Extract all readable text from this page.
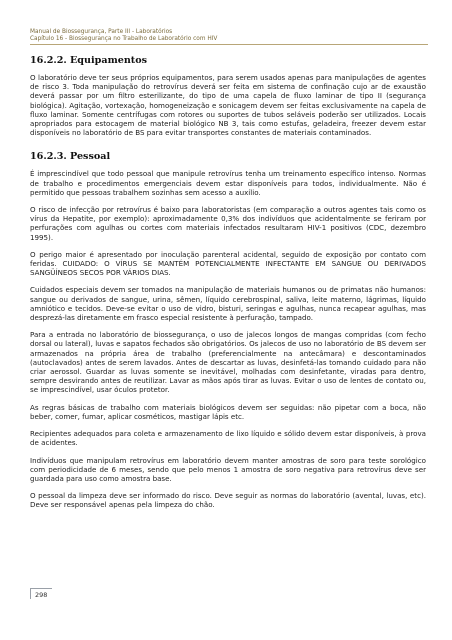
Manual de Biossegurança, Parte III - Laboratórios
Capítulo 16 - Biossegurança no Trabalho de Laboratório com HIV
16.2.2. Equipamentos

O laboratório deve ter seus próprios equipamentos, para serem usados apenas para manipulações de agentes de risco 3. Toda manipulação do retrovírus deverá ser feita em sistema de confinação cujo ar de exaustão deverá passar por um filtro esterilizante, do tipo de uma capela de fluxo laminar de tipo II (segurança biológica). Agitação, vortexação, homogeneização e sonicagem devem ser feitas exclusivamente na capela de fluxo laminar. Somente centrífugas com rotores ou suportes de tubos seláveis poderão ser utilizados. Locais apropriados para estocagem de material biológico NB 3, tais como estufas, geladeira, freezer devem estar disponíveis no laboratório de BS para evitar transportes constantes de materiais contaminados.

16.2.3. Pessoal

É imprescindível que todo pessoal que manipule retrovírus tenha um treinamento específico intenso. Normas de trabalho e procedimentos emergenciais devem estar disponíveis para todos, individualmente. Não é permitido que pessoas trabalhem sozinhas sem acesso a auxílio.

O risco de infecção por retrovírus é baixo para laboratoristas (em comparação a outros agentes tais como os vírus da Hepatite, por exemplo): aproximadamente 0,3% dos indivíduos que acidentalmente se feriram por perfurações com agulhas ou cortes com materiais infectados resultaram HIV-1 positivos (CDC, dezembro 1995).

O perigo maior é apresentado por inoculação parenteral acidental, seguido de exposição por contato com feridas. CUIDADO: O VÍRUS SE MANTÉM POTENCIALMENTE INFECTANTE EM SANGUE OU DERIVADOS SANGÜÍNEOS SECOS POR VÁRIOS DIAS.

Cuidados especiais devem ser tomados na manipulação de materiais humanos ou de primatas não humanos: sangue ou derivados de sangue, urina, sêmen, líquido cerebrospinal, saliva, leite materno, lágrimas, líquido amniótico e tecidos. Deve-se evitar o uso de vidro, bisturi, seringas e agulhas, nunca recapear agulhas, mas desprezá-las diretamente em frasco especial resistente à perfuração, tampado.

Para a entrada no laboratório de biossegurança, o uso de jalecos longos de mangas compridas (com fecho dorsal ou lateral), luvas e sapatos fechados são obrigatórios. Os jalecos de uso no laboratório de BS devem ser armazenados na própria área de trabalho (preferencialmente na antecâmara) e descontaminados (autoclavados) antes de serem lavados. Antes de descartar as luvas, desinfetá-las tomando cuidado para não criar aerossol. Guardar as luvas somente se inevitável, molhadas com desinfetante, viradas para dentro, sempre desvirando antes de reutilizar. Lavar as mãos após tirar as luvas. Evitar o uso de lentes de contato ou, se imprescindível, usar óculos protetor.

As regras básicas de trabalho com materiais biológicos devem ser seguidas: não pipetar com a boca, não beber, comer, fumar, aplicar cosméticos, mastigar lápis etc.

Recipientes adequados para coleta e armazenamento de lixo líquido e sólido devem estar disponíveis, à prova de acidentes.

Indivíduos que manipulam retrovírus em laboratório devem manter amostras de soro para teste sorológico com periodicidade de 6 meses, sendo que pelo menos 1 amostra de soro negativa para retrovírus deve ser guardada para uso como amostra base.

O pessoal da limpeza deve ser informado do risco. Deve seguir as normas do laboratório (avental, luvas, etc). Deve ser responsável apenas pela limpeza do chão.

298
